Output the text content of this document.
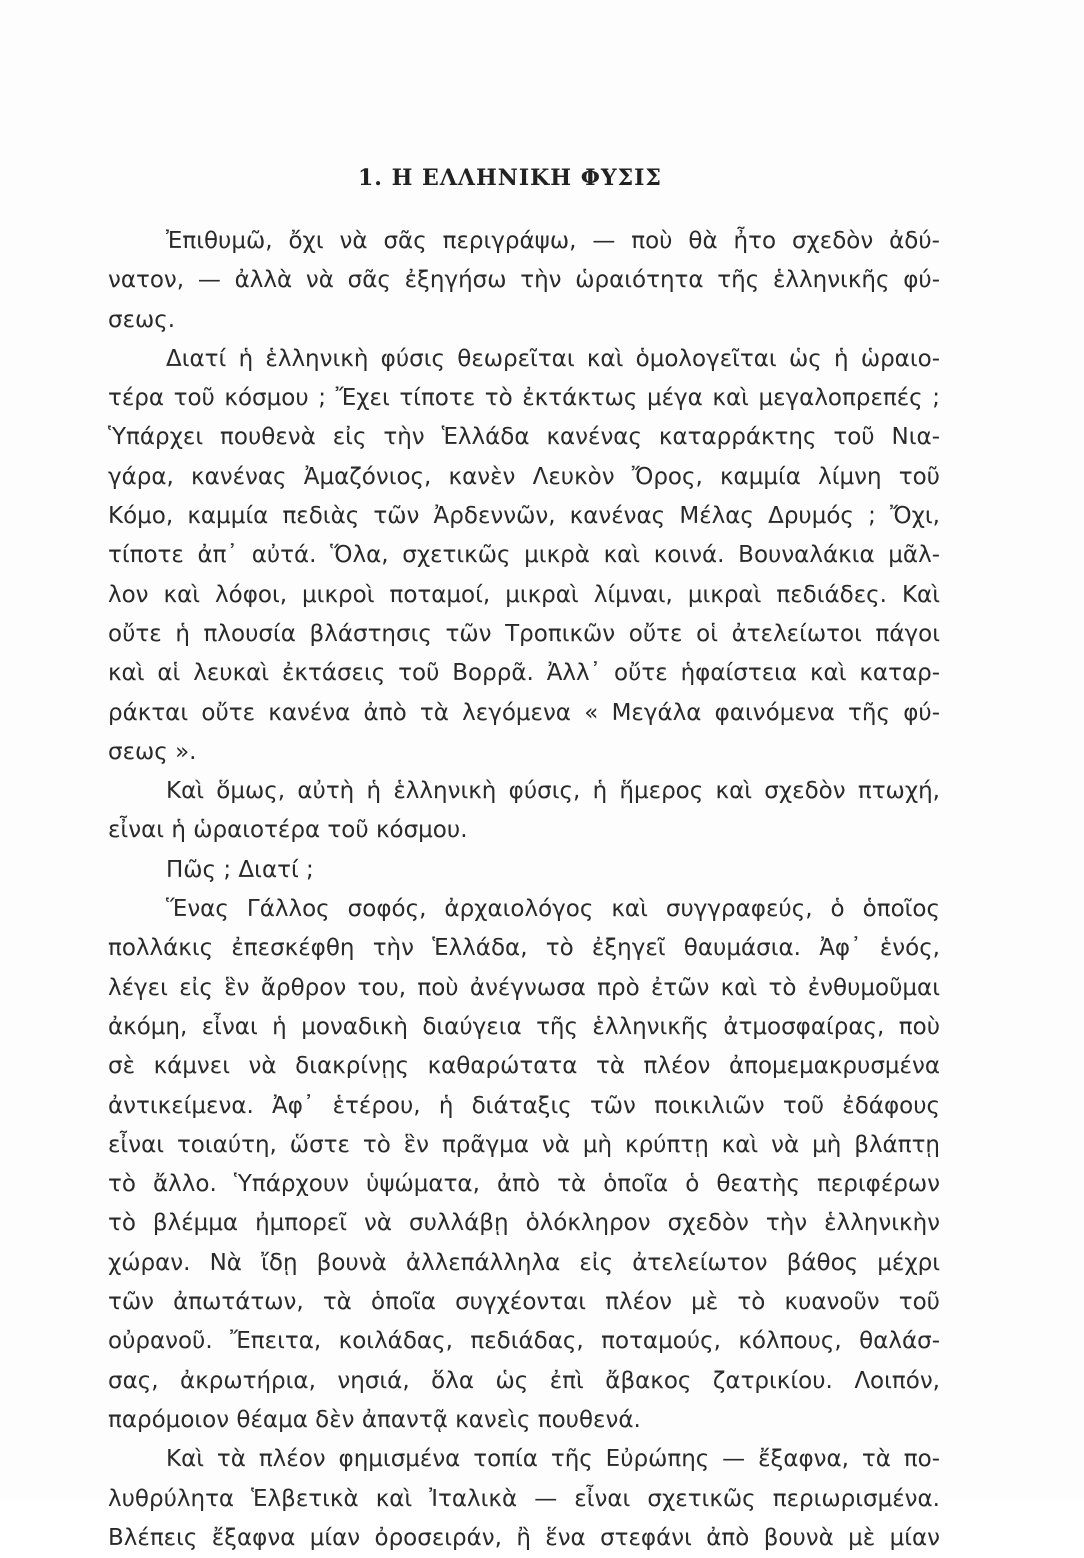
1. Η ΕΛΛΗΝΙΚΗ ΦΥΣΙΣ
Ἐπιθυμῶ, ὄχι νὰ σᾶς περιγράψω, — ποὺ θὰ ἦτο σχεδὸν ἀδύ-
νατον, — ἀλλὰ νὰ σᾶς ἐξηγήσω τὴν ὡραιότητα τῆς ἑλληνικῆς φύ-
σεως.
Διατί ἡ ἑλληνικὴ φύσις θεωρεῖται καὶ ὁμολογεῖται ὡς ἡ ὡραιο-
τέρα τοῦ κόσμου ; Ἔχει τίποτε τὸ ἐκτάκτως μέγα καὶ μεγαλοπρεπές ;
Ὑπάρχει πουθενὰ εἰς τὴν Ἑλλάδα κανένας καταρράκτης τοῦ Νια-
γάρα, κανένας Ἀμαζόνιος, κανὲν Λευκὸν Ὄρος, καμμία λίμνη τοῦ
Κόμο, καμμία πεδιὰς τῶν Ἀρδεννῶν, κανένας Μέλας Δρυμός ; Ὄχι,
τίποτε ἀπ᾽ αὐτά. Ὅλα, σχετικῶς μικρὰ καὶ κοινά. Βουναλάκια μᾶλ-
λον καὶ λόφοι, μικροὶ ποταμοί, μικραὶ λίμναι, μικραὶ πεδιάδες. Καὶ
οὔτε ἡ πλουσία βλάστησις τῶν Τροπικῶν οὔτε οἱ ἀτελείωτοι πάγοι
καὶ αἱ λευκαὶ ἐκτάσεις τοῦ Βορρᾶ. Ἀλλ᾽ οὔτε ἡφαίστεια καὶ καταρ-
ράκται οὔτε κανένα ἀπὸ τὰ λεγόμενα « Μεγάλα φαινόμενα τῆς φύ-
σεως ».
Καὶ ὅμως, αὐτὴ ἡ ἑλληνικὴ φύσις, ἡ ἥμερος καὶ σχεδὸν πτωχή,
εἶναι ἡ ὡραιοτέρα τοῦ κόσμου.
Πῶς ; Διατί ;
Ἕνας Γάλλος σοφός, ἀρχαιολόγος καὶ συγγραφεύς, ὁ ὁποῖος
πολλάκις ἐπεσκέφθη τὴν Ἑλλάδα, τὸ ἐξηγεῖ θαυμάσια. Ἀφ᾽ ἑνός,
λέγει εἰς ἓν ἄρθρον του, ποὺ ἀνέγνωσα πρὸ ἐτῶν καὶ τὸ ἐνθυμοῦμαι
ἀκόμη, εἶναι ἡ μοναδικὴ διαύγεια τῆς ἑλληνικῆς ἀτμοσφαίρας, ποὺ
σὲ κάμνει νὰ διακρίνῃς καθαρώτατα τὰ πλέον ἀπομεμακρυσμένα
ἀντικείμενα. Ἀφ᾽ ἑτέρου, ἡ διάταξις τῶν ποικιλιῶν τοῦ ἐδάφους
εἶναι τοιαύτη, ὥστε τὸ ἓν πρᾶγμα νὰ μὴ κρύπτῃ καὶ νὰ μὴ βλάπτῃ
τὸ ἄλλο. Ὑπάρχουν ὑψώματα, ἀπὸ τὰ ὁποῖα ὁ θεατὴς περιφέρων
τὸ βλέμμα ἠμπορεῖ νὰ συλλάβῃ ὁλόκληρον σχεδὸν τὴν ἑλληνικὴν
χώραν. Νὰ ἴδῃ βουνὰ ἀλλεπάλληλα εἰς ἀτελείωτον βάθος μέχρι
τῶν ἀπωτάτων, τὰ ὁποῖα συγχέονται πλέον μὲ τὸ κυανοῦν τοῦ
οὐρανοῦ. Ἔπειτα, κοιλάδας, πεδιάδας, ποταμούς, κόλπους, θαλάσ-
σας, ἀκρωτήρια, νησιά, ὅλα ὡς ἐπὶ ἄβακος ζατρικίου. Λοιπόν,
παρόμοιον θέαμα δὲν ἀπαντᾷ κανεὶς πουθενά.
Καὶ τὰ πλέον φημισμένα τοπία τῆς Εὐρώπης — ἔξαφνα, τὰ πο-
λυθρύλητα Ἑλβετικὰ καὶ Ἰταλικὰ — εἶναι σχετικῶς περιωρισμένα.
Βλέπεις ἔξαφνα μίαν ὀροσειράν, ἢ ἕνα στεφάνι ἀπὸ βουνὰ μὲ μίαν
